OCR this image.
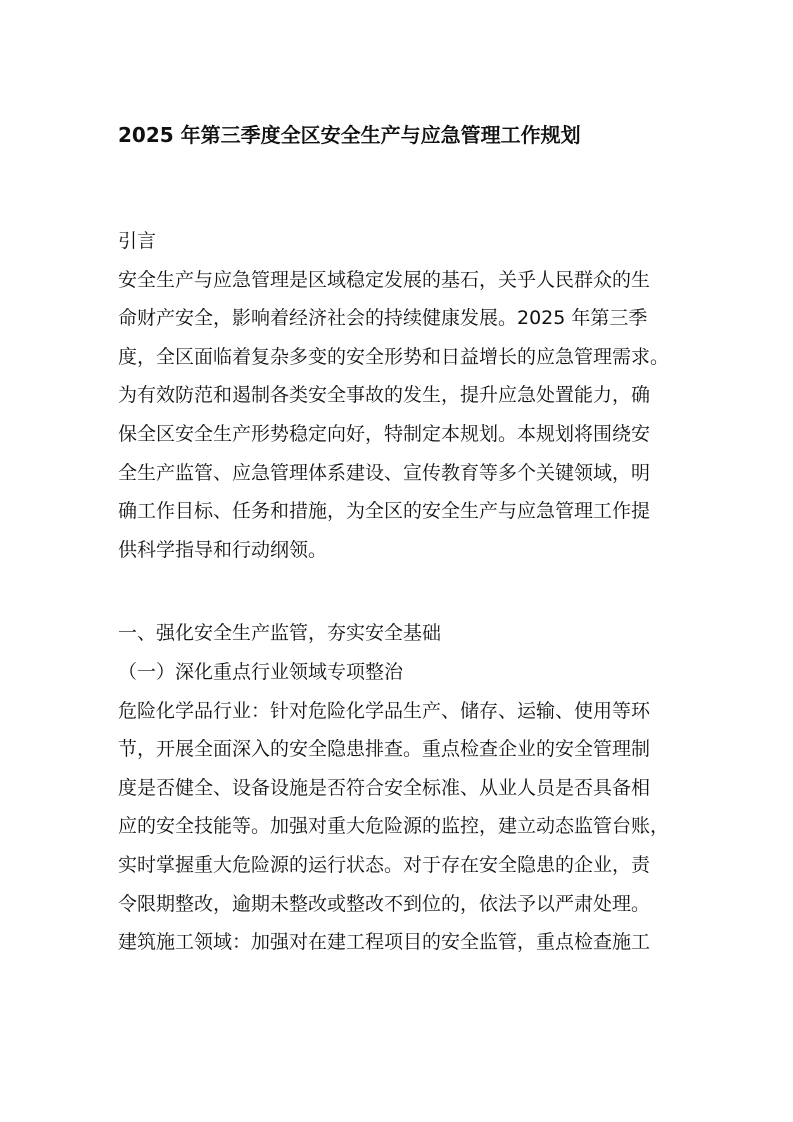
2025 年第三季度全区安全生产与应急管理工作规划
引言
安全生产与应急管理是区域稳定发展的基石，关乎人民群众的生
命财产安全，影响着经济社会的持续健康发展。2025 年第三季
度，全区面临着复杂多变的安全形势和日益增长的应急管理需求。
为有效防范和遏制各类安全事故的发生，提升应急处置能力，确
保全区安全生产形势稳定向好，特制定本规划。本规划将围绕安
全生产监管、应急管理体系建设、宣传教育等多个关键领域，明
确工作目标、任务和措施，为全区的安全生产与应急管理工作提
供科学指导和行动纲领。
一、强化安全生产监管，夯实安全基础
（一）深化重点行业领域专项整治
危险化学品行业：针对危险化学品生产、储存、运输、使用等环
节，开展全面深入的安全隐患排查。重点检查企业的安全管理制
度是否健全、设备设施是否符合安全标准、从业人员是否具备相
应的安全技能等。加强对重大危险源的监控，建立动态监管台账，
实时掌握重大危险源的运行状态。对于存在安全隐患的企业，责
令限期整改，逾期未整改或整改不到位的，依法予以严肃处理。
建筑施工领域：加强对在建工程项目的安全监管，重点检查施工
